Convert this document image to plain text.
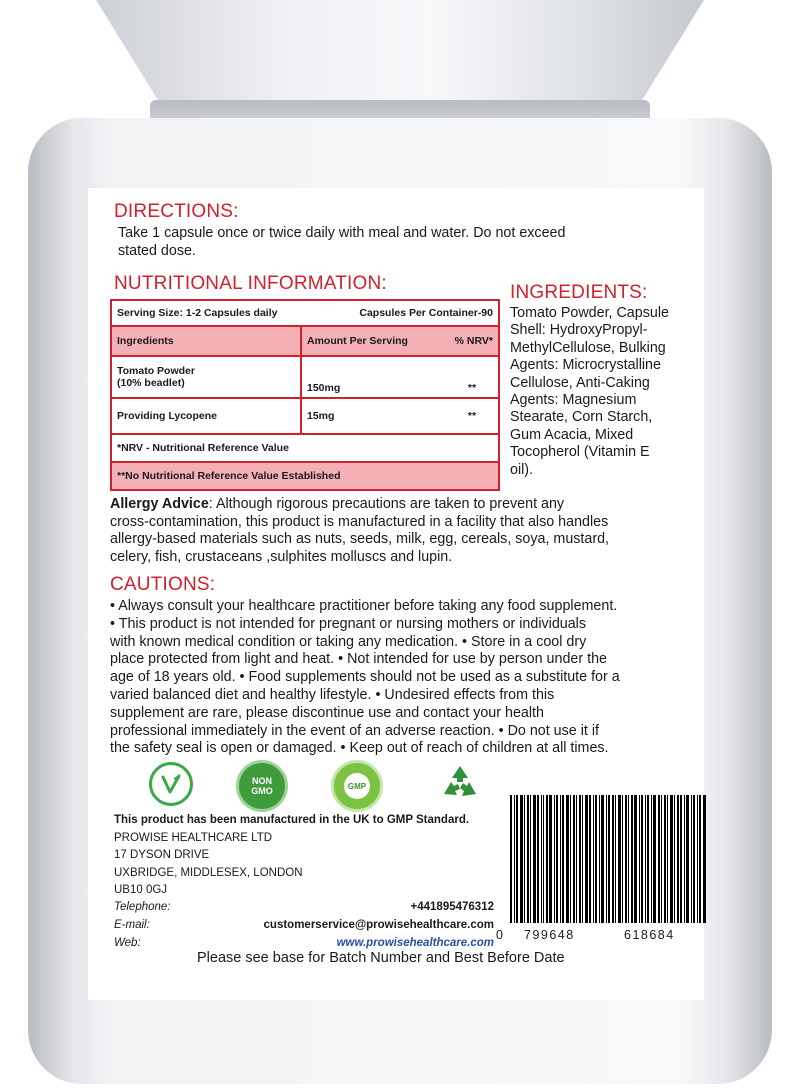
DIRECTIONS:
Take 1 capsule once or twice daily with meal and water. Do not exceed
stated dose.
NUTRITIONAL INFORMATION:
Serving Size: 1-2 Capsules daily Capsules Per Container-90		

Ingredients	Amount Per Serving	% NRV*

Tomato Powder
(10% beadlet)	150mg	**
Providing Lycopene	15mg	**
*NRV - Nutritional Reference Value		
**No Nutritional Reference Value Established		
INGREDIENTS:
Tomato Powder, Capsule
Shell: HydroxyPropyl-
MethylCellulose, Bulking
Agents: Microcrystalline
Cellulose, Anti-Caking
Agents: Magnesium
Stearate, Corn Starch,
Gum Acacia, Mixed
Tocopherol (Vitamin E
oil).
Allergy Advice: Although rigorous precautions are taken to prevent any
cross-contamination, this product is manufactured in a facility that also handles
allergy-based materials such as nuts, seeds, milk, egg, cereals, soya, mustard,
celery, fish, crustaceans ,sulphites molluscs and lupin.
CAUTIONS:
• Always consult your healthcare practitioner before taking any food supplement.
• This product is not intended for pregnant or nursing mothers or individuals
with known medical condition or taking any medication. • Store in a cool dry
place protected from light and heat. • Not intended for use by person under the
age of 18 years old. • Food supplements should not be used as a substitute for a
varied balanced diet and healthy lifestyle. • Undesired effects from this
supplement are rare, please discontinue use and contact your health
professional immediately in the event of an adverse reaction. • Do not use it if
the safety seal is open or damaged. • Keep out of reach of children at all times.
NON
GMO	GMP
This product has been manufactured in the UK to GMP Standard.
PROWISE HEALTHCARE LTD
17 DYSON DRIVE
UXBRIDGE, MIDDLESEX, LONDON
UB10 0GJ
Telephone:	+441895476312
E-mail:	customerservice@prowisehealthcare.com
Web:	www.prowisehealthcare.com
0 799648	618684
Please see base for Batch Number and Best Before Date
